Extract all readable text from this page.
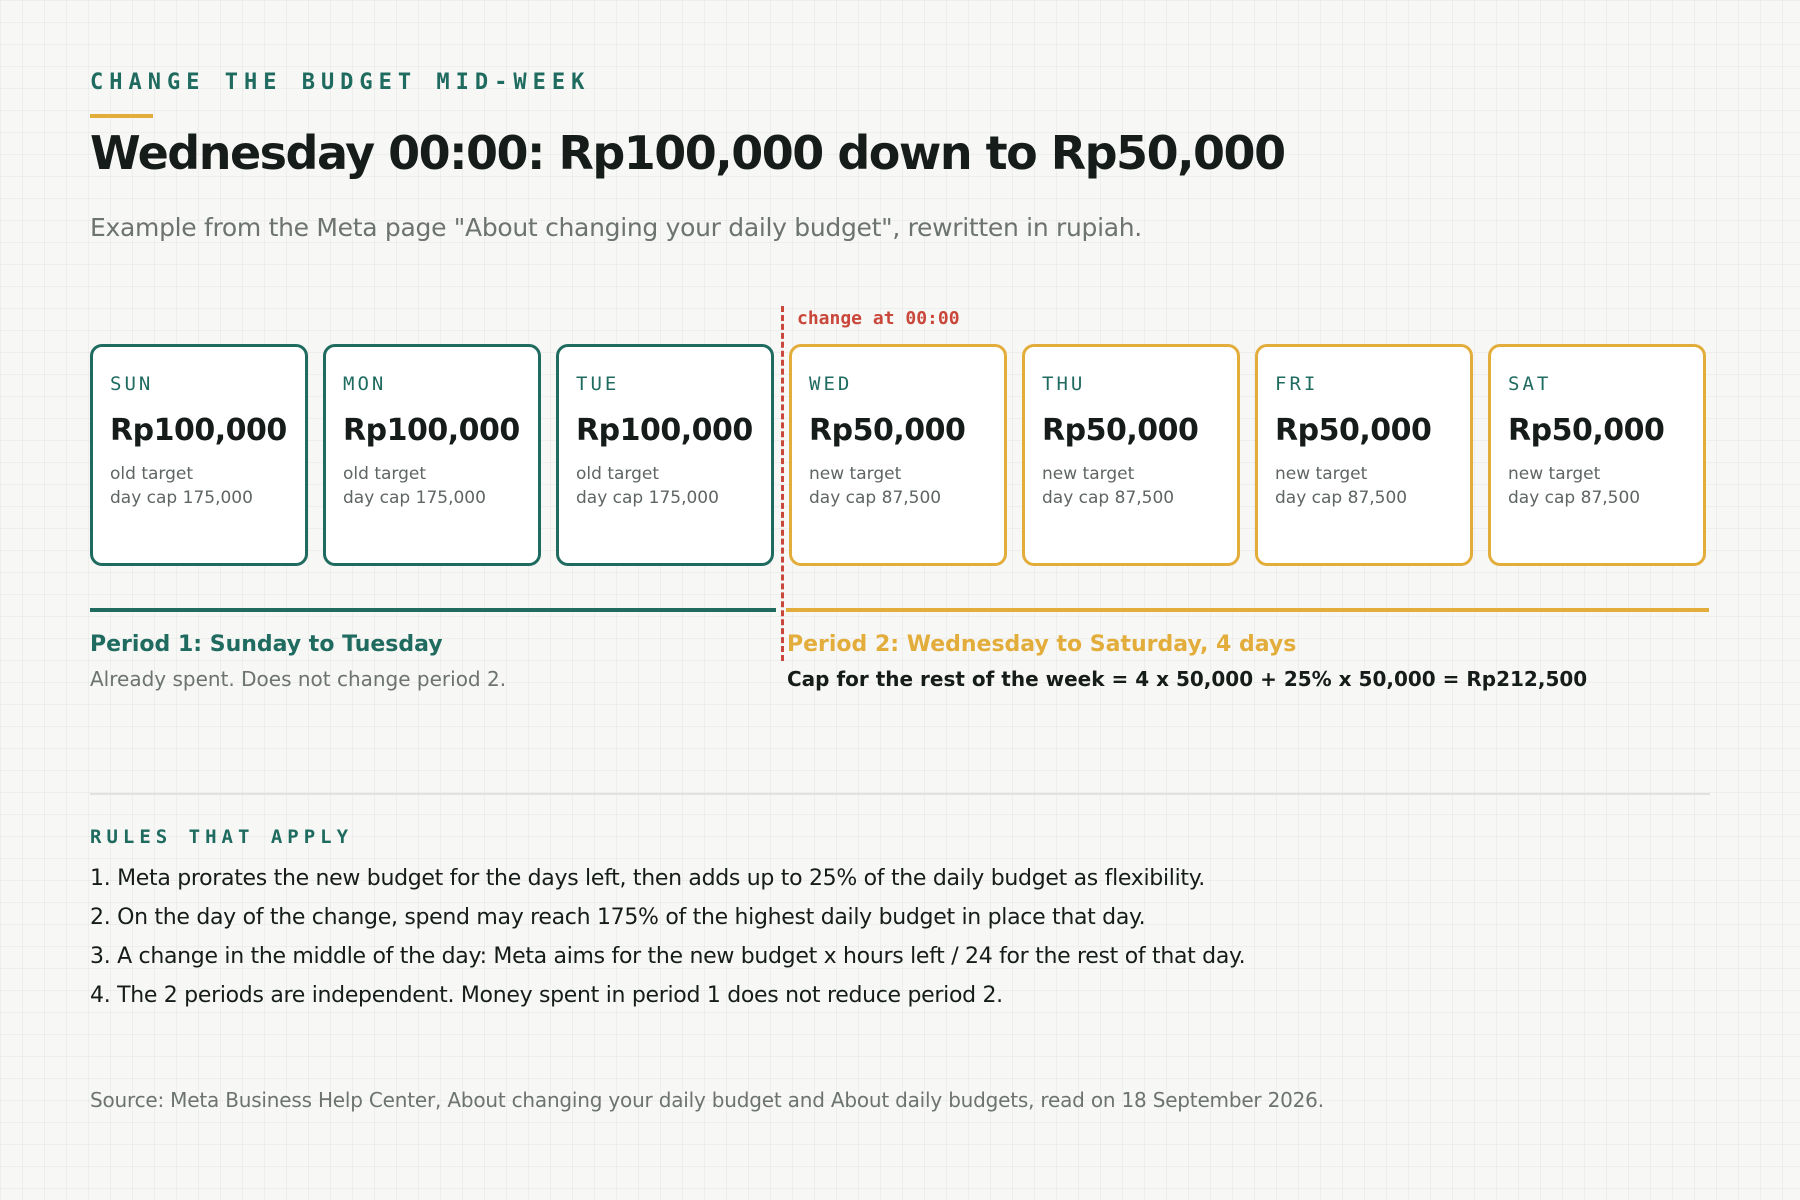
CHANGE THE BUDGET MID-WEEK
Wednesday 00:00: Rp100,000 down to Rp50,000

Example from the Meta page "About changing your daily budget", rewritten in rupiah.

change at 00:00
SUN
Rp100,000
old target
day cap 175,000
MON
Rp100,000
old target
day cap 175,000
TUE
Rp100,000
old target
day cap 175,000
WED
Rp50,000
new target
day cap 87,500
THU
Rp50,000
new target
day cap 87,500
FRI
Rp50,000
new target
day cap 87,500
SAT
Rp50,000
new target
day cap 87,500
Period 1: Sunday to Tuesday
Already spent. Does not change period 2.
Period 2: Wednesday to Saturday, 4 days
Cap for the rest of the week = 4 x 50,000 + 25% x 50,000 = Rp212,500
RULES THAT APPLY
1. Meta prorates the new budget for the days left, then adds up to 25% of the daily budget as flexibility.
2. On the day of the change, spend may reach 175% of the highest daily budget in place that day.
3. A change in the middle of the day: Meta aims for the new budget x hours left / 24 for the rest of that day.
4. The 2 periods are independent. Money spent in period 1 does not reduce period 2.
Source: Meta Business Help Center, About changing your daily budget and About daily budgets, read on 18 September 2026.
